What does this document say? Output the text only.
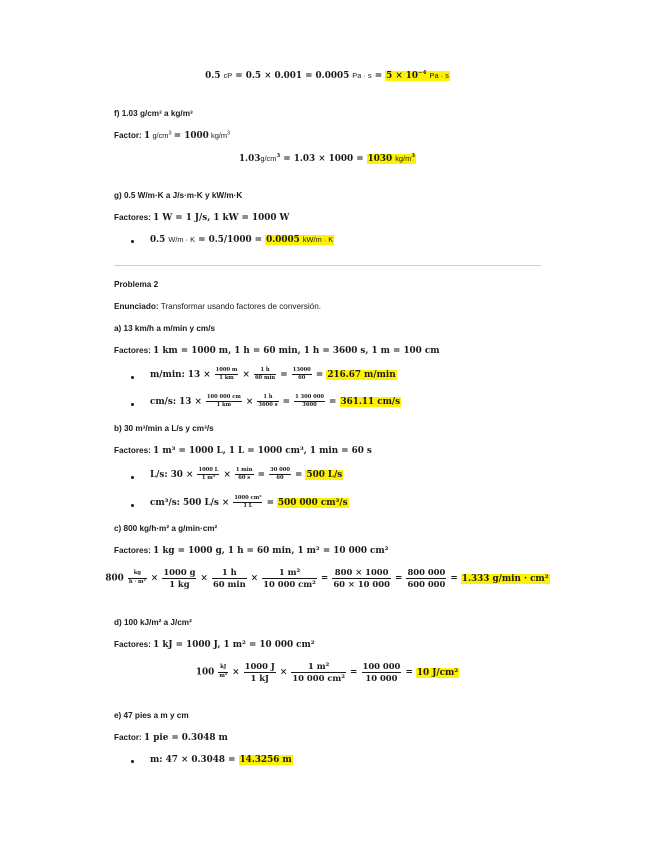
0.5 cP = 0.5 × 0.001 = 0.0005 $Pa \cdot s = 5 \times 10^{-4}$ Pa · s
f) 1.03 g/cm³ a kg/m³
Factor: 1 $g/cm^3 = 1000$ $kg/m^3$
$1.03g/cm^3 = 1.03 \times 1000 = 1030$ $kg/m^3$
g) 0.5 W/m·K a J/s·m·K y kW/m·K
Factores: 1 W = 1 J/s, 1 kW = 1000 W
0.5 W/m · K = 0.5/1000 = 0.0005 kW/m · K
Problema 2
Enunciado: Transformar usando factores de conversión.
a) 13 km/h a m/min y cm/s
Factores: 1 km = 1000 m, 1 h = 60 min, 1 h = 3600 s, 1 m = 100 cm
m/min: $13 \times \frac{1000 m}{1 km} \times \frac{1 h}{60 \min} = \frac{13000}{60} = 216.67$ m/min
cm/s: $13 \times \frac{100 000 cm}{1 km} \times \frac{1 h}{3600 s} = \frac{1 300 000}{3600} = 361.11$ cm/s
b) 30 m³/min a L/s y cm³/s
Factores: 1 m³ = 1000 L, 1 L = 1000 cm³, 1 min = 60 s
L/s: $30 \times \frac{1000 L}{\text{1 m³}} \times \frac{1 \min}{60 s} = \frac{30 000}{60} = 500$ L/s
cm³/s: 500 $L/s \times \frac{\text{1000 cm³}}{1 L} = 500$ 000 cm³/s
c) 800 kg/h·m² a g/min·cm²
Factores: 1 kg = 1000 g, 1 h = 60 min, 1 m² = 10 000 cm²
$800 \frac{kg}{\text{h · m²}} \times \frac{1000 g}{1 kg} \times \frac{1 h}{60 \min} \times \frac{\text{1 m²}}{\text{10 000 cm²}} = \frac{800 \times 1000}{60 \times 10 000} = \frac{800 000}{600 000} = 1.333$ g/min · cm²
d) 100 kJ/m² a J/cm²
Factores: 1 kJ = 1000 J, 1 m² = 10 000 cm²
$100 \frac{kJ}{\text{m²}} \times \frac{1000 J}{1 kJ} \times \frac{\text{1 m²}}{\text{10 000 cm²}} = \frac{100 000}{10 000} = 10$ J/cm²
e) 47 pies a m y cm
Factor: 1 pie = 0.3048 m
m: 47 × 0.3048 = 14.3256 m
